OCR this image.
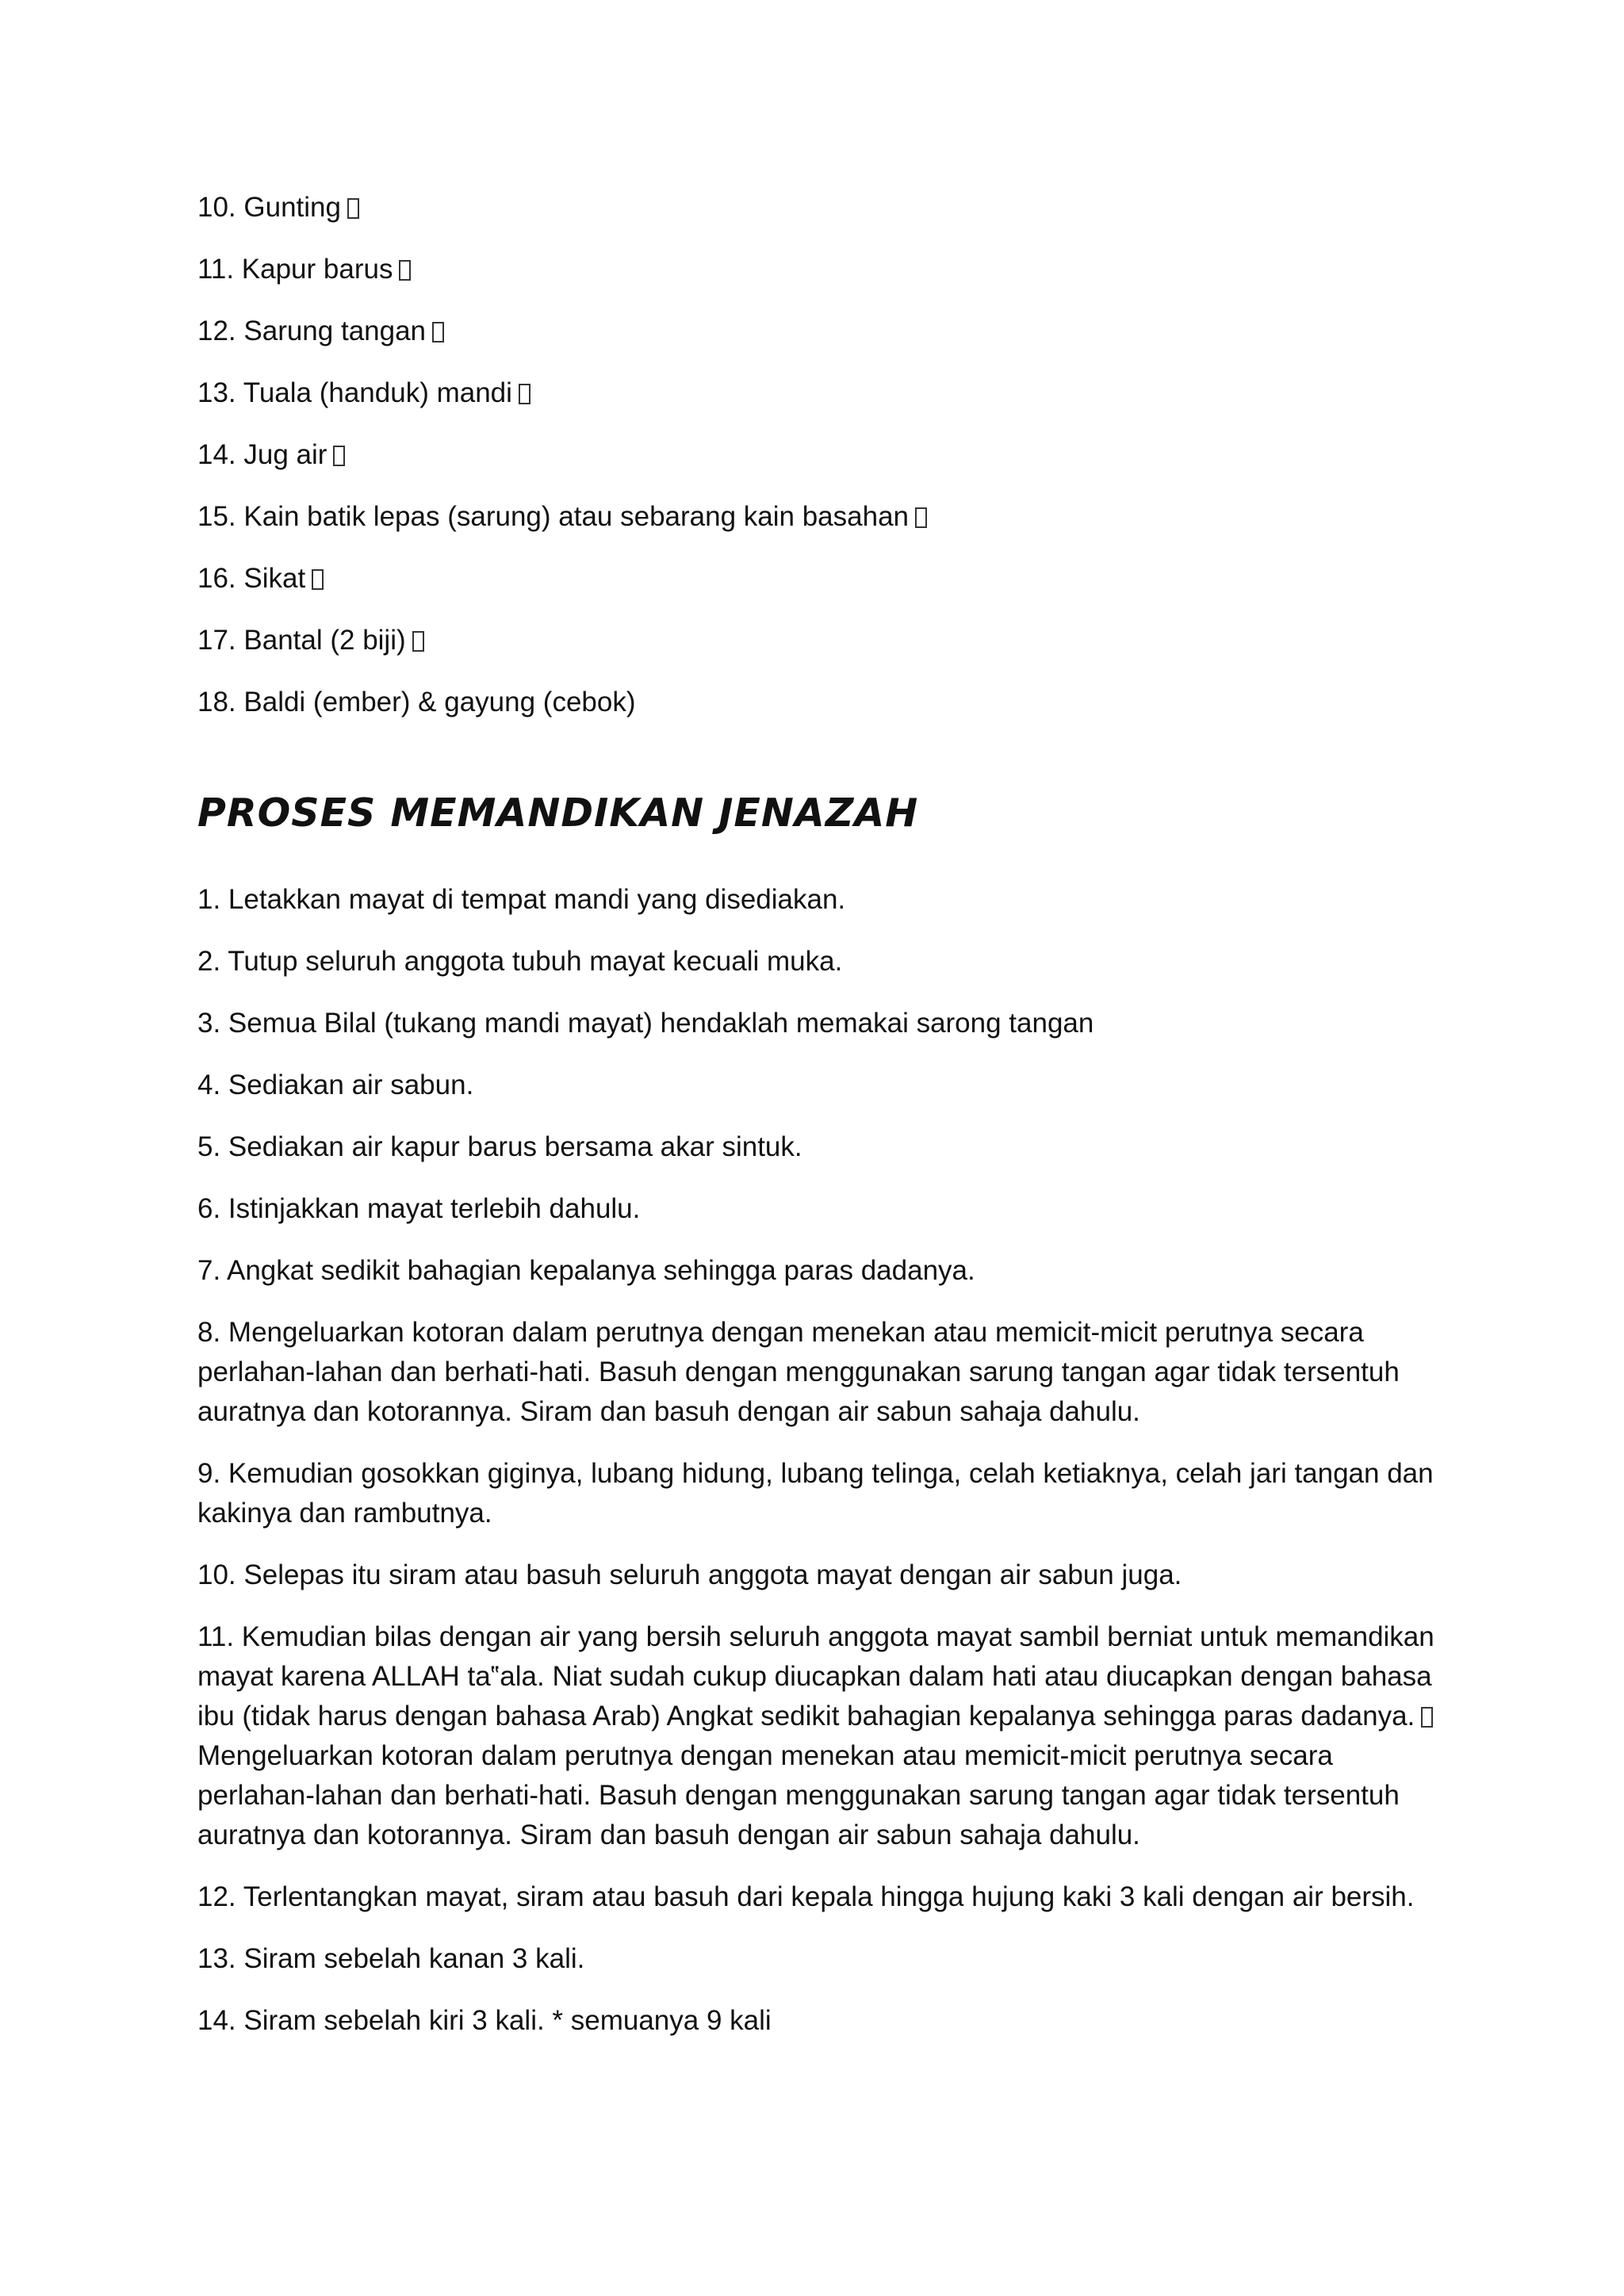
10. Gunting
11. Kapur barus
12. Sarung tangan
13. Tuala (handuk) mandi
14. Jug air
15. Kain batik lepas (sarung) atau sebarang kain basahan
16. Sikat
17. Bantal (2 biji)
18. Baldi (ember) & gayung (cebok)
PROSES MEMANDIKAN JENAZAH
1. Letakkan mayat di tempat mandi yang disediakan.
2. Tutup seluruh anggota tubuh mayat kecuali muka.
3. Semua Bilal (tukang mandi mayat) hendaklah memakai sarong tangan
4. Sediakan air sabun.
5. Sediakan air kapur barus bersama akar sintuk.
6. Istinjakkan mayat terlebih dahulu.
7. Angkat sedikit bahagian kepalanya sehingga paras dadanya.
8. Mengeluarkan kotoran dalam perutnya dengan menekan atau memicit-micit perutnya secara perlahan-lahan dan berhati-hati. Basuh dengan menggunakan sarung tangan agar tidak tersentuh auratnya dan kotorannya. Siram dan basuh dengan air sabun sahaja dahulu.
9. Kemudian gosokkan giginya, lubang hidung, lubang telinga, celah ketiaknya, celah jari tangan dan kakinya dan rambutnya.
10. Selepas itu siram atau basuh seluruh anggota mayat dengan air sabun juga.
11. Kemudian bilas dengan air yang bersih seluruh anggota mayat sambil berniat untuk memandikan mayat karena ALLAH ta‟ala. Niat sudah cukup diucapkan dalam hati atau diucapkan dengan bahasa ibu (tidak harus dengan bahasa Arab) Angkat sedikit bahagian kepalanya sehingga paras dadanya. Mengeluarkan kotoran dalam perutnya dengan menekan atau memicit-micit perutnya secara perlahan-lahan dan berhati-hati. Basuh dengan menggunakan sarung tangan agar tidak tersentuh auratnya dan kotorannya. Siram dan basuh dengan air sabun sahaja dahulu.
12. Terlentangkan mayat, siram atau basuh dari kepala hingga hujung kaki 3 kali dengan air bersih.
13. Siram sebelah kanan 3 kali.
14. Siram sebelah kiri 3 kali. * semuanya 9 kali
